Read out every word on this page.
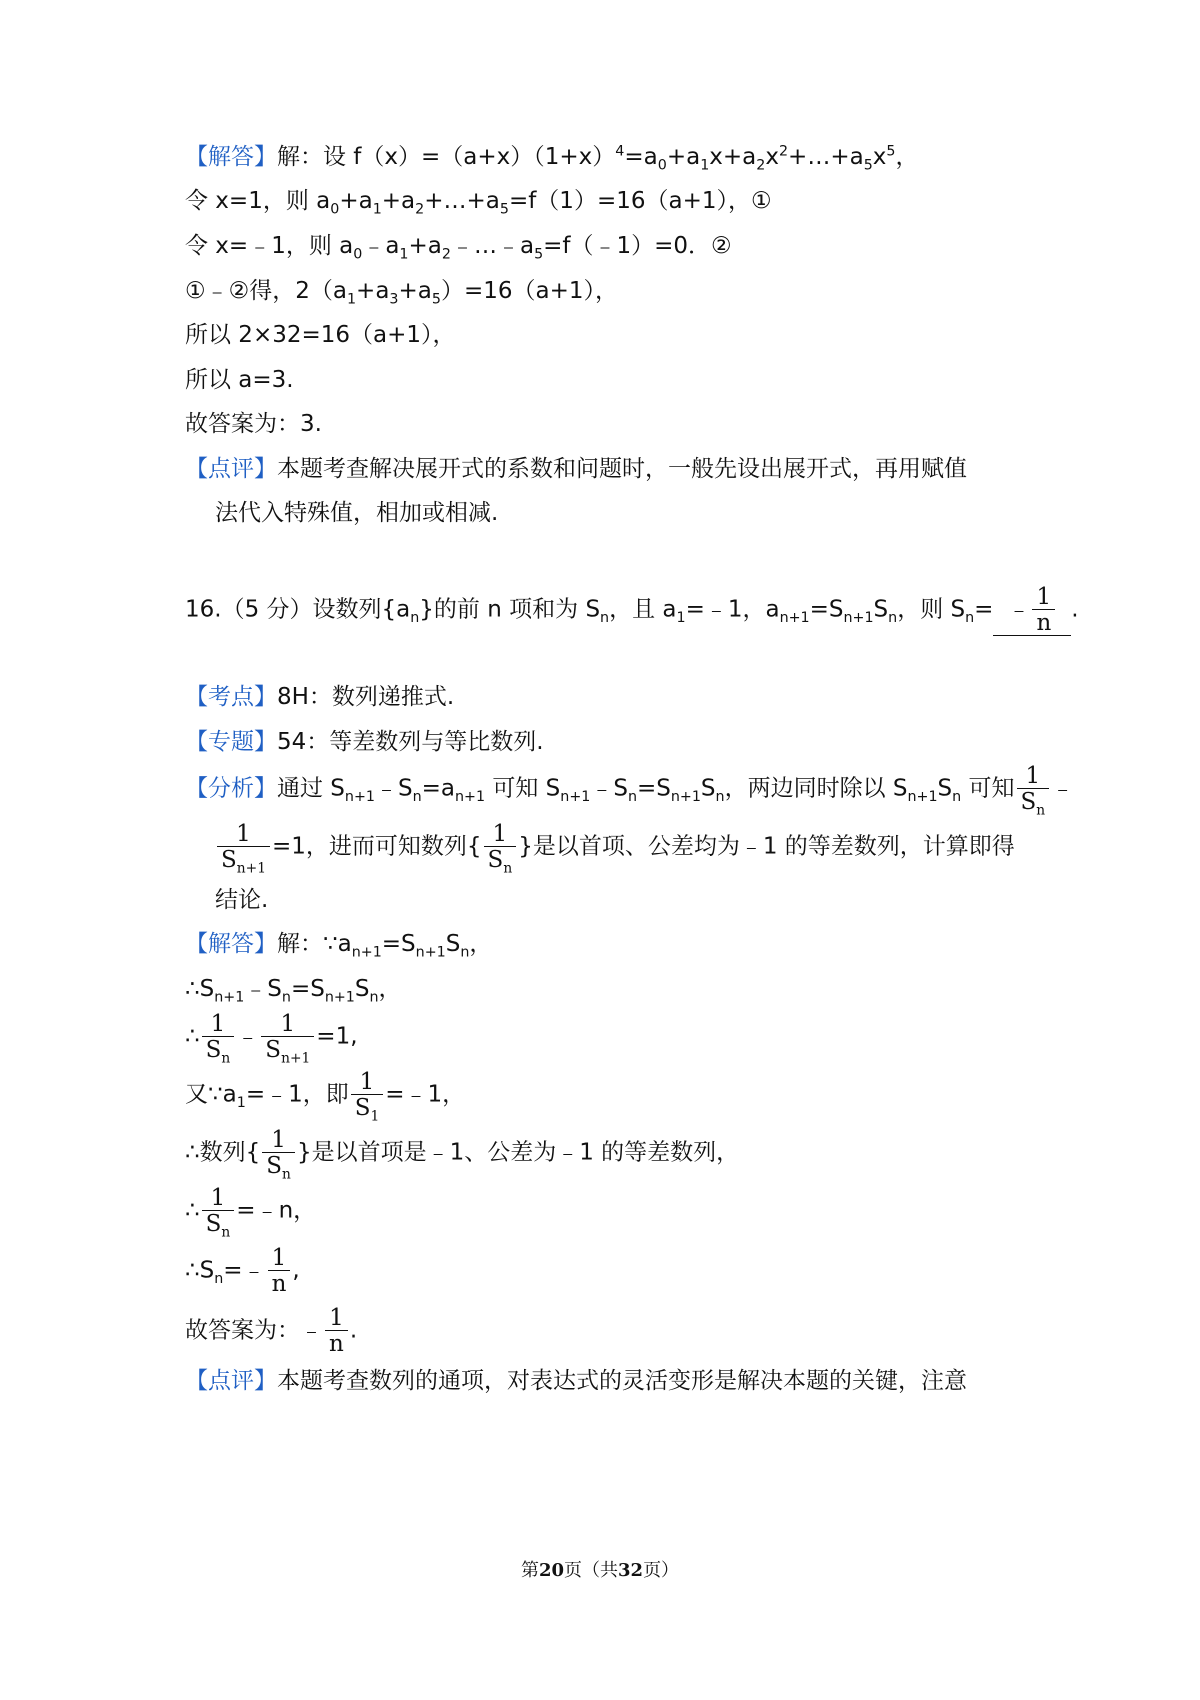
【解答】解：设 $f(x)=(a+x)(1+x)^4=a_0+a_1x+a_2x^2+\dots+a_5x^5$，
令 x=1，则 $a_0+a_1+a_2+\dots+a_5=f(1)=16(a+1)$，①
令 x=﹣1，则 $a_0﹣a_1+a_2﹣\dots﹣a_5=f(﹣1)=0$．②
①﹣②得，$2(a_1+a_3+a_5)=16(a+1)$，
所以 2×32=16（a+1），
所以 a=3.
故答案为：3.
【点评】本题考查解决展开式的系数和问题时，一般先设出展开式，再用赋值
法代入特殊值，相加或相减.
16.（5 分）设数列$\{a_n\}$的前 n 项和为 $S_n$，且 $a_1=﹣1$，$a_{n+1}=S_{n+1}S_n$，则 $S_n=$ ﹣ $\frac{1}{n}$ .
【考点】8H：数列递推式.
【专题】54：等差数列与等比数列.
【分析】通过 $S_{n+1}﹣S_n=a_{n+1}$ 可知 $S_{n+1}﹣S_n=S_{n+1}S_n$，两边同时除以 $S_{n+1}S_n$ 可知 $\frac{1}{S_n}$ ﹣
$\frac{1}{S_{n+1}} =1$，进而可知数列{ $\frac{1}{S_n}$ }是以首项、公差均为﹣1 的等差数列，计算即得
结论.
【解答】解：$\because a_{n+1}=S_{n+1}S_n$，
$\therefore S_{n+1}﹣S_n=S_{n+1}S_n$，
∴ $\frac{1}{S_n}$ ﹣ $\frac{1}{S_{n+1}} =1$,
又$\because a_1=﹣1$，即 $\frac{1}{S_1}$ =﹣1，
∴数列{ $\frac{1}{S_n}$ }是以首项是﹣1、公差为﹣1 的等差数列，
∴ $\frac{1}{S_n}$ =﹣n，
$\therefore S_n=﹣ \frac{1}{n}$ ,
故答案为：﹣ $\frac{1}{n}$ .
【点评】本题考查数列的通项，对表达式的灵活变形是解决本题的关键，注意
第20页（共32页）
